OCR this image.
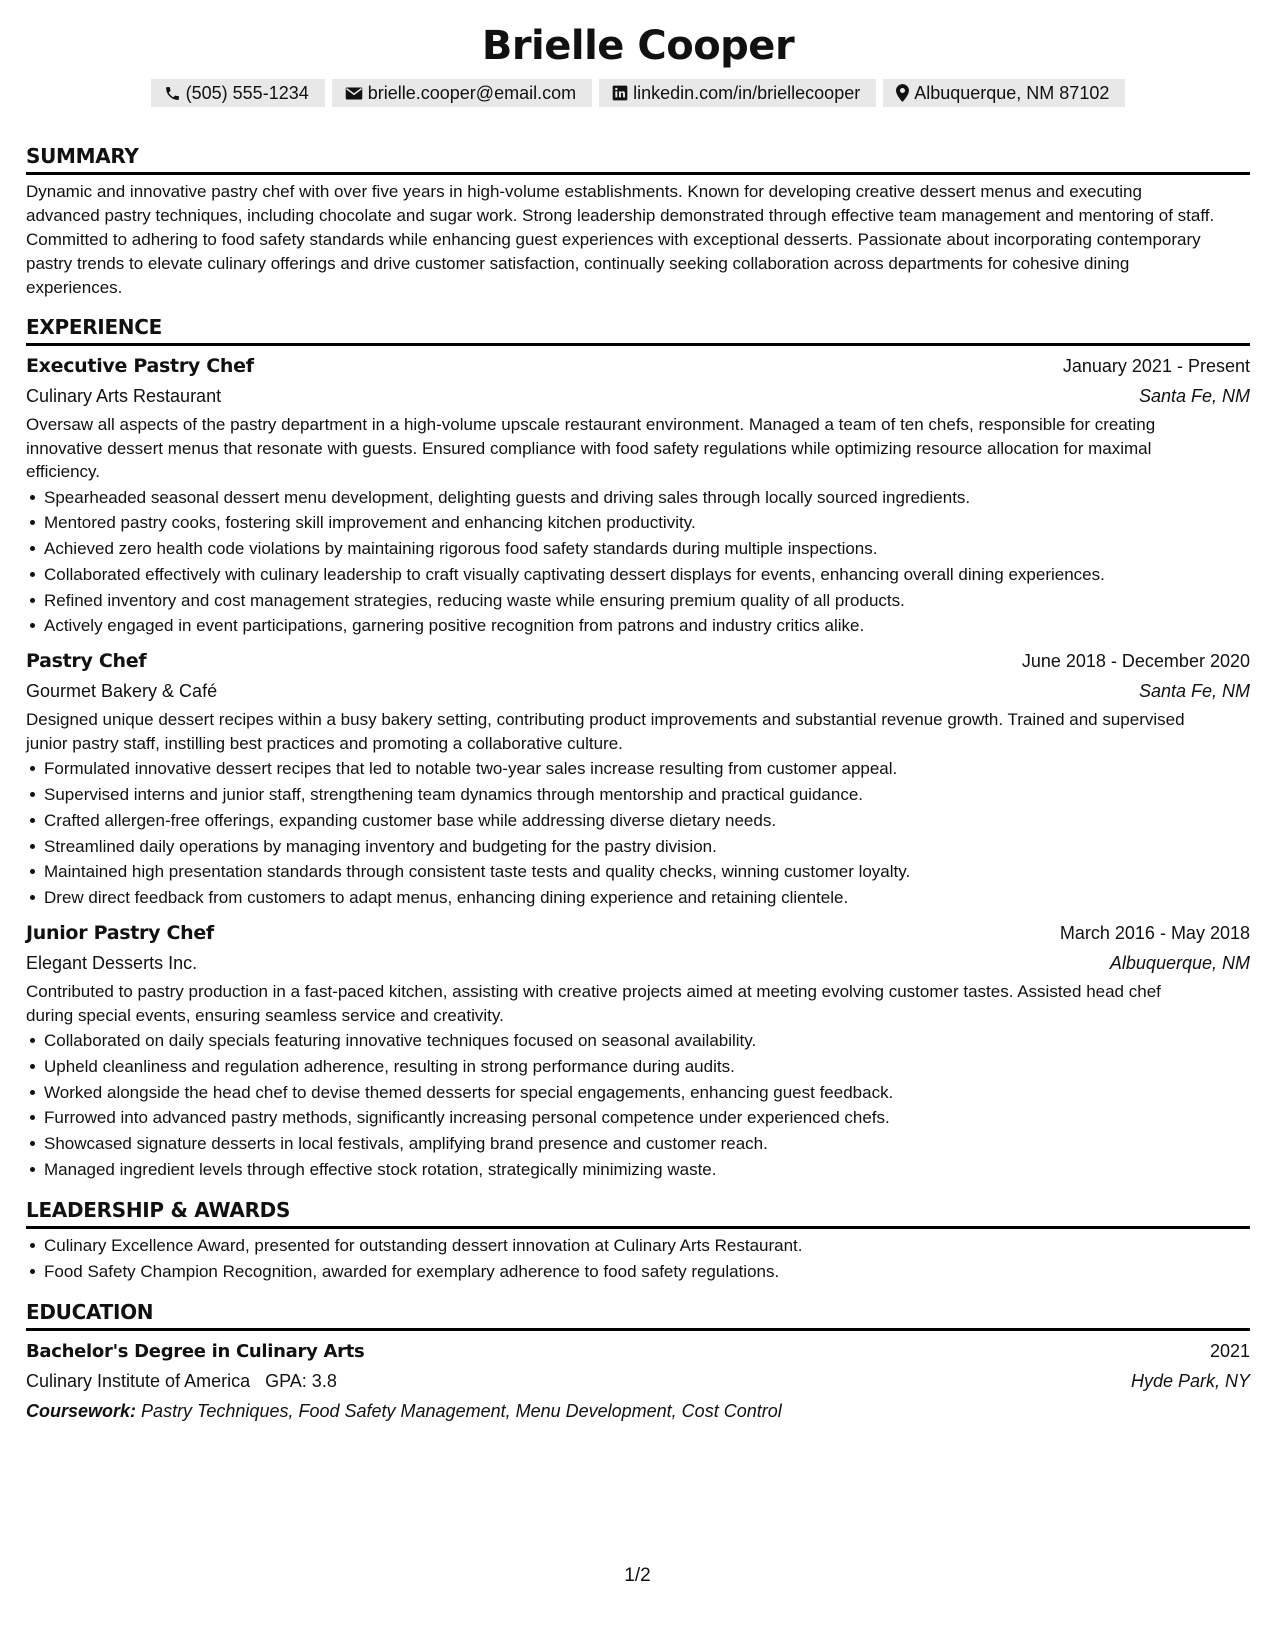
Brielle Cooper
(505) 555-1234	brielle.cooper@email.com	linkedin.com/in/briellecooper	Albuquerque, NM 87102
SUMMARY

Dynamic and innovative pastry chef with over five years in high-volume establishments. Known for developing creative dessert menus and executing advanced pastry techniques, including chocolate and sugar work. Strong leadership demonstrated through effective team management and mentoring of staff. Committed to adhering to food safety standards while enhancing guest experiences with exceptional desserts. Passionate about incorporating contemporary pastry trends to elevate culinary offerings and drive customer satisfaction, continually seeking collaboration across departments for cohesive dining experiences.

EXPERIENCE
Executive Pastry Chef	January 2021 - Present
Culinary Arts Restaurant	Santa Fe, NM

Oversaw all aspects of the pastry department in a high-volume upscale restaurant environment. Managed a team of ten chefs, responsible for creating innovative dessert menus that resonate with guests. Ensured compliance with food safety regulations while optimizing resource allocation for maximal efficiency.

Spearheaded seasonal dessert menu development, delighting guests and driving sales through locally sourced ingredients.
Mentored pastry cooks, fostering skill improvement and enhancing kitchen productivity.
Achieved zero health code violations by maintaining rigorous food safety standards during multiple inspections.
Collaborated effectively with culinary leadership to craft visually captivating dessert displays for events, enhancing overall dining experiences.
Refined inventory and cost management strategies, reducing waste while ensuring premium quality of all products.
Actively engaged in event participations, garnering positive recognition from patrons and industry critics alike.
Pastry Chef	June 2018 - December 2020
Gourmet Bakery & Café	Santa Fe, NM

Designed unique dessert recipes within a busy bakery setting, contributing product improvements and substantial revenue growth. Trained and supervised junior pastry staff, instilling best practices and promoting a collaborative culture.

Formulated innovative dessert recipes that led to notable two-year sales increase resulting from customer appeal.
Supervised interns and junior staff, strengthening team dynamics through mentorship and practical guidance.
Crafted allergen-free offerings, expanding customer base while addressing diverse dietary needs.
Streamlined daily operations by managing inventory and budgeting for the pastry division.
Maintained high presentation standards through consistent taste tests and quality checks, winning customer loyalty.
Drew direct feedback from customers to adapt menus, enhancing dining experience and retaining clientele.
Junior Pastry Chef	March 2016 - May 2018
Elegant Desserts Inc.	Albuquerque, NM

Contributed to pastry production in a fast-paced kitchen, assisting with creative projects aimed at meeting evolving customer tastes. Assisted head chef during special events, ensuring seamless service and creativity.

Collaborated on daily specials featuring innovative techniques focused on seasonal availability.
Upheld cleanliness and regulation adherence, resulting in strong performance during audits.
Worked alongside the head chef to devise themed desserts for special engagements, enhancing guest feedback.
Furrowed into advanced pastry methods, significantly increasing personal competence under experienced chefs.
Showcased signature desserts in local festivals, amplifying brand presence and customer reach.
Managed ingredient levels through effective stock rotation, strategically minimizing waste.
LEADERSHIP & AWARDS
Culinary Excellence Award, presented for outstanding dessert innovation at Culinary Arts Restaurant.
Food Safety Champion Recognition, awarded for exemplary adherence to food safety regulations.
EDUCATION
Bachelor's Degree in Culinary Arts	2021
Culinary Institute of America GPA: 3.8	Hyde Park, NY
Coursework: Pastry Techniques, Food Safety Management, Menu Development, Cost Control
1/2
